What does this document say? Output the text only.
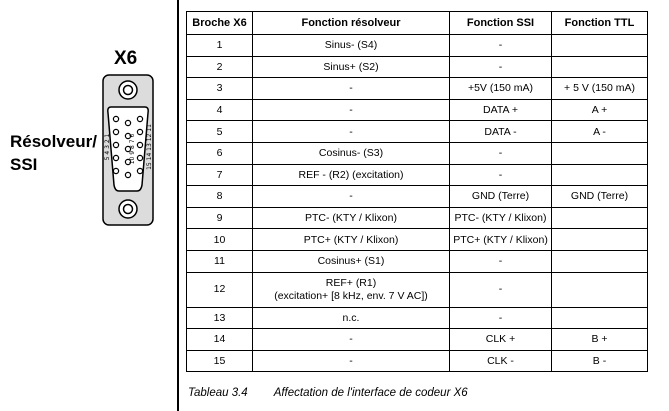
X6
Résolveur/
SSI
5 4 3 2 1	10 9 8 7 6 15 14 13 12 11
Broche X6	Fonction résolveur	Fonction SSI	Fonction TTL
1	Sinus- (S4)	-	
2	Sinus+ (S2)	-	
3	-	+5V (150 mA)	+ 5 V (150 mA)
4	-	DATA +	A +
5	-	DATA -	A -
6	Cosinus- (S3)	-	
7	REF - (R2) (excitation)	-	
8	-	GND (Terre)	GND (Terre)
9	PTC- (KTY / Klixon)	PTC- (KTY / Klixon)	
10	PTC+ (KTY / Klixon)	PTC+ (KTY / Klixon)	
11	Cosinus+ (S1)	-	
12	REF+ (R1)
(excitation+ [8 kHz, env. 7 V AC])	-	
13	n.c.	-	
14	-	CLK +	B +
15	-	CLK -	B -
Tableau 3.4 Affectation de l'interface de codeur X6
